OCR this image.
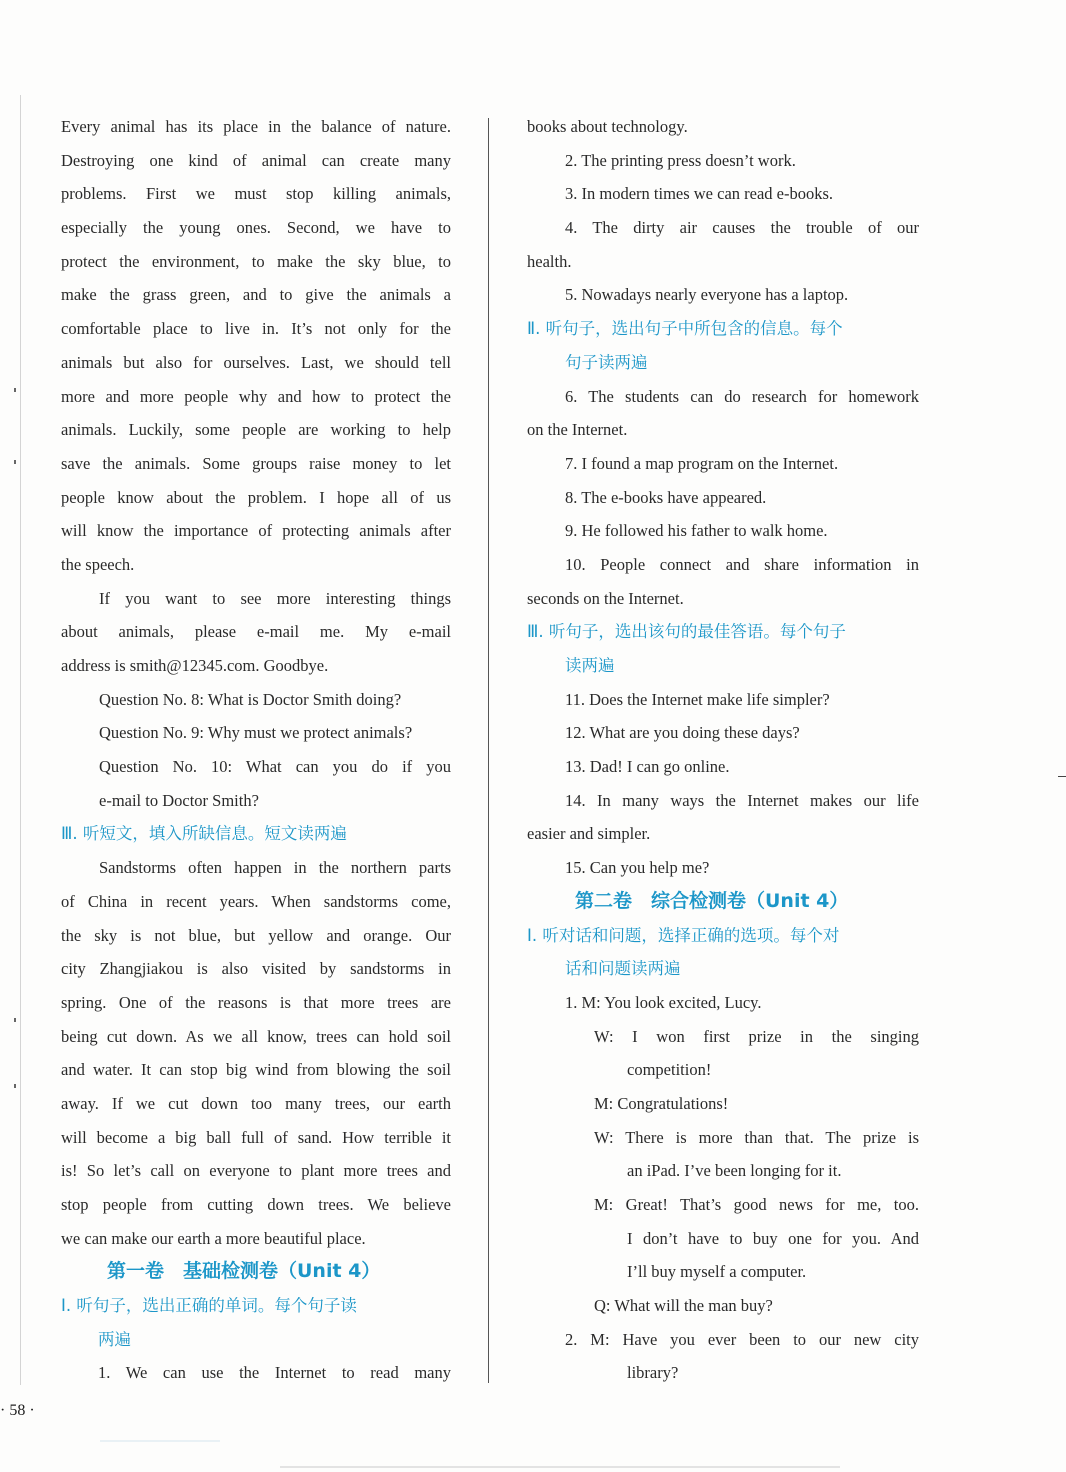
Every animal has its place in the balance of nature.
Destroying one kind of animal can create many
problems. First we must stop killing animals,
especially the young ones. Second, we have to
protect the environment, to make the sky blue, to
make the grass green, and to give the animals a
comfortable place to live in. It’s not only for the
animals but also for ourselves. Last, we should tell
more and more people why and how to protect the
animals. Luckily, some people are working to help
save the animals. Some groups raise money to let
people know about the problem. I hope all of us
will know the importance of protecting animals after
the speech.
If you want to see more interesting things
about animals, please e-mail me. My e-mail
address is smith@12345.com. Goodbye.
Question No. 8: What is Doctor Smith doing?
Question No. 9: Why must we protect animals?
Question No. 10: What can you do if you
e-mail to Doctor Smith?
Ⅲ. 听短文，填入所缺信息。短文读两遍
Sandstorms often happen in the northern parts
of China in recent years. When sandstorms come,
the sky is not blue, but yellow and orange. Our
city Zhangjiakou is also visited by sandstorms in
spring. One of the reasons is that more trees are
being cut down. As we all know, trees can hold soil
and water. It can stop big wind from blowing the soil
away. If we cut down too many trees, our earth
will become a big ball full of sand. How terrible it
is! So let’s call on everyone to plant more trees and
stop people from cutting down trees. We believe
we can make our earth a more beautiful place.
第一卷　基础检测卷（Unit 4）
Ⅰ. 听句子，选出正确的单词。每个句子读
两遍
1. We can use the Internet to read many
books about technology.
2. The printing press doesn’t work.
3. In modern times we can read e-books.
4. The dirty air causes the trouble of our
health.
5. Nowadays nearly everyone has a laptop.
Ⅱ. 听句子，选出句子中所包含的信息。每个
句子读两遍
6. The students can do research for homework
on the Internet.
7. I found a map program on the Internet.
8. The e-books have appeared.
9. He followed his father to walk home.
10. People connect and share information in
seconds on the Internet.
Ⅲ. 听句子，选出该句的最佳答语。每个句子
读两遍
11. Does the Internet make life simpler?
12. What are you doing these days?
13. Dad! I can go online.
14. In many ways the Internet makes our life
easier and simpler.
15. Can you help me?
第二卷　综合检测卷（Unit 4）
Ⅰ. 听对话和问题，选择正确的选项。每个对
话和问题读两遍
1. M: You look excited, Lucy.
W: I won first prize in the singing
competition!
M: Congratulations!
W: There is more than that. The prize is
an iPad. I’ve been longing for it.
M: Great! That’s good news for me, too.
I don’t have to buy one for you. And
I’ll buy myself a computer.
Q: What will the man buy?
2. M: Have you ever been to our new city
library?
· 58 ·
